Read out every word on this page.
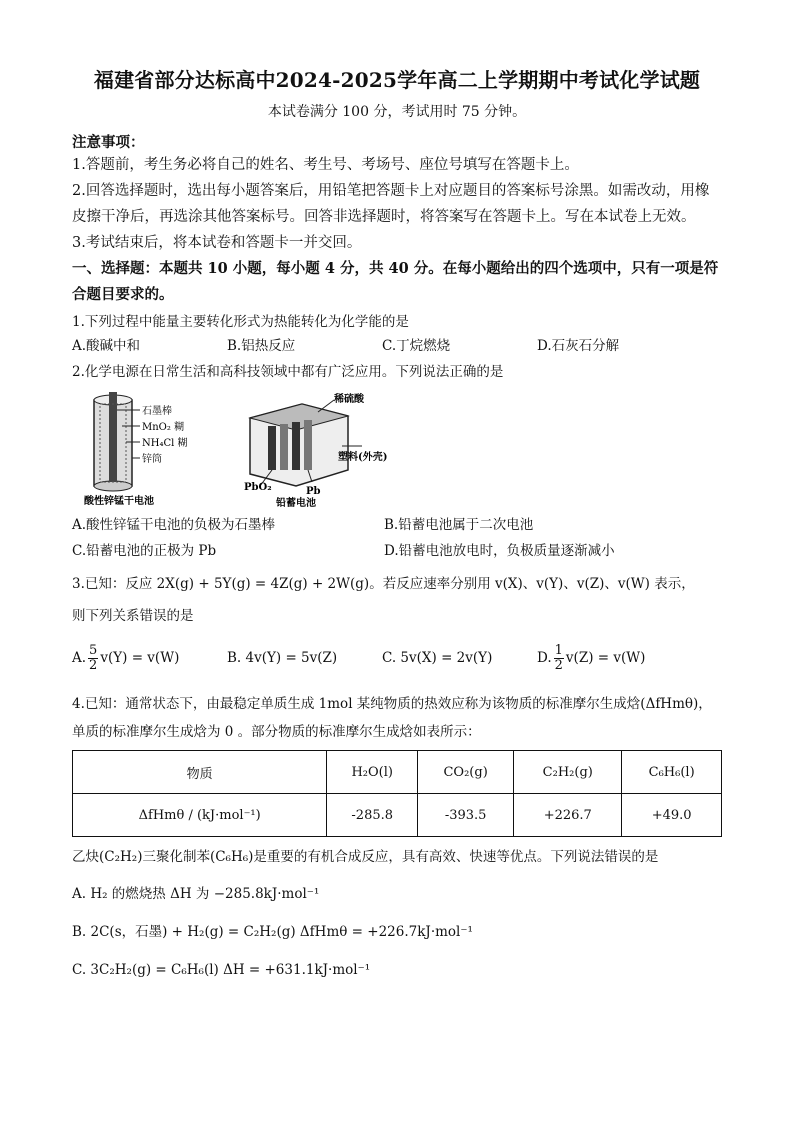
福建省部分达标高中2024-2025学年高二上学期期中考试化学试题
本试卷满分 100 分，考试用时 75 分钟。
注意事项：

1.答题前，考生务必将自己的姓名、考生号、考场号、座位号填写在答题卡上。

2.回答选择题时，选出每小题答案后，用铅笔把答题卡上对应题目的答案标号涂黑。如需改动，用橡皮擦干净后，再选涂其他答案标号。回答非选择题时，将答案写在答题卡上。写在本试卷上无效。

3.考试结束后，将本试卷和答题卡一并交回。

一、选择题：本题共 10 小题，每小题 4 分，共 40 分。在每小题给出的四个选项中，只有一项是符合题目要求的。

1.下列过程中能量主要转化形式为热能转化为化学能的是

A.酸碱中和	B.铝热反应	C.丁烷燃烧	D.石灰石分解

2.化学电源在日常生活和高科技领域中都有广泛应用。下列说法正确的是

石墨棒
MnO₂ 糊
NH₄Cl 糊
锌筒
酸性锌锰干电池
稀硫酸
塑料(外壳)
PbO₂	Pb
铅蓄电池
A.酸性锌锰干电池的负极为石墨棒	B.铅蓄电池属于二次电池
C.铅蓄电池的正极为 Pb	D.铅蓄电池放电时，负极质量逐渐减小

3.已知：反应 2X(g) + 5Y(g) = 4Z(g) + 2W(g)。若反应速率分别用 v(X)、v(Y)、v(Z)、v(W) 表示，

则下列关系错误的是

A. $\frac{5}{2} v(Y) = v(W)$	B. 4v(Y) = 5v(Z)	C. 5v(X) = 2v(Y)	D. $\frac{1}{2} v(Z) = v(W)$

4.已知：通常状态下，由最稳定单质生成 1mol 某纯物质的热效应称为该物质的标准摩尔生成焓(ΔfHmθ)，

单质的标准摩尔生成焓为 0 。部分物质的标准摩尔生成焓如表所示：

物质	H₂O(l)	CO₂(g)	C₂H₂(g)	C₆H₆(l)
ΔfHmθ / (kJ·mol⁻¹)	-285.8	-393.5	+226.7	+49.0

乙炔(C₂H₂)三聚化制苯(C₆H₆)是重要的有机合成反应，具有高效、快速等优点。下列说法错误的是

A. H₂ 的燃烧热 ΔH 为 −285.8kJ·mol⁻¹

B. 2C(s，石墨) + H₂(g) = C₂H₂(g) ΔfHmθ = +226.7kJ·mol⁻¹

C. 3C₂H₂(g) = C₆H₆(l) ΔH = +631.1kJ·mol⁻¹
